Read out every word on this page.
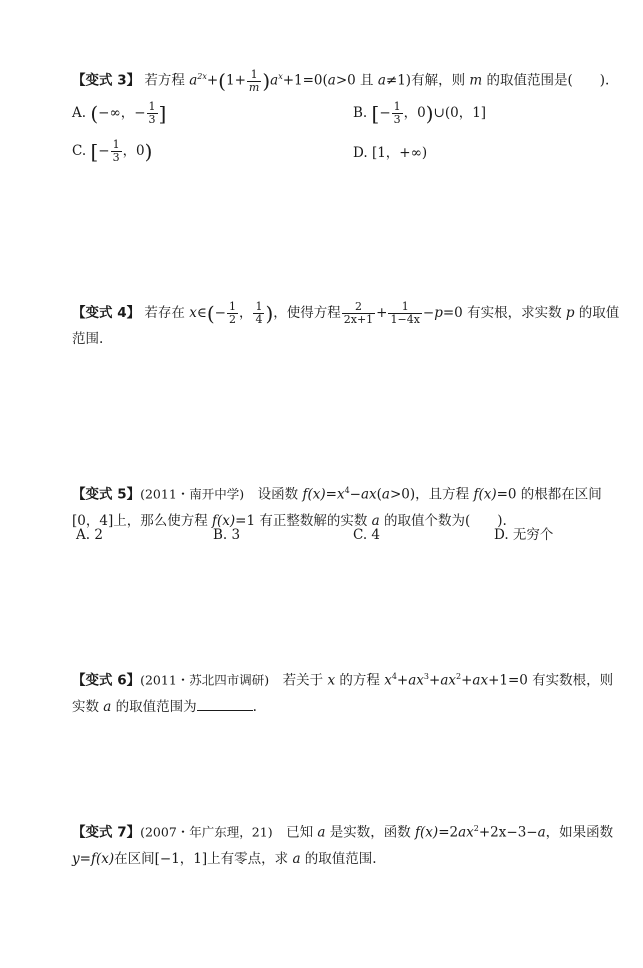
【变式 3】 若方程 $a^{2x}+(1+ \frac{1}{m} )a^x+1=0(a>0$ 且 a≠1)有解，则 m 的取值范围是(　　).
A. (−∞，− $\frac{1}{3}$ ]	B. [− $\frac{1}{3}$ ，0)∪(0，1]
C. [− $\frac{1}{3}$ ，0)	D. [1，+∞)
【变式 4】 若存在 x∈(− $\frac{1}{2}$ ， $\frac{1}{4}$ )，使得方程 $\frac{2}{2x+1} + \frac{1}{1-4x} -p=0$ 有实根，求实数 p 的取值范围.
【变式 5】(2011・南开中学)　设函数 $f(x)=x^4-ax(a>0)$，且方程 f(x)=0 的根都在区间[0，4]上，那么使方程 f(x)=1 有正整数解的实数 a 的取值个数为(　　).
A. 2	B. 3	C. 4	D. 无穷个
【变式 6】(2011・苏北四市调研)　若关于 x 的方程 $x^4+ax^3+ax^2+ax+1=0$ 有实数根，则实数 a 的取值范围为	.
【变式 7】(2007・年广东理，21)　已知 a 是实数，函数 $f(x)=2ax^2+2x-3-a$，如果函数 y=f(x)在区间[−1，1]上有零点，求 a 的取值范围.
